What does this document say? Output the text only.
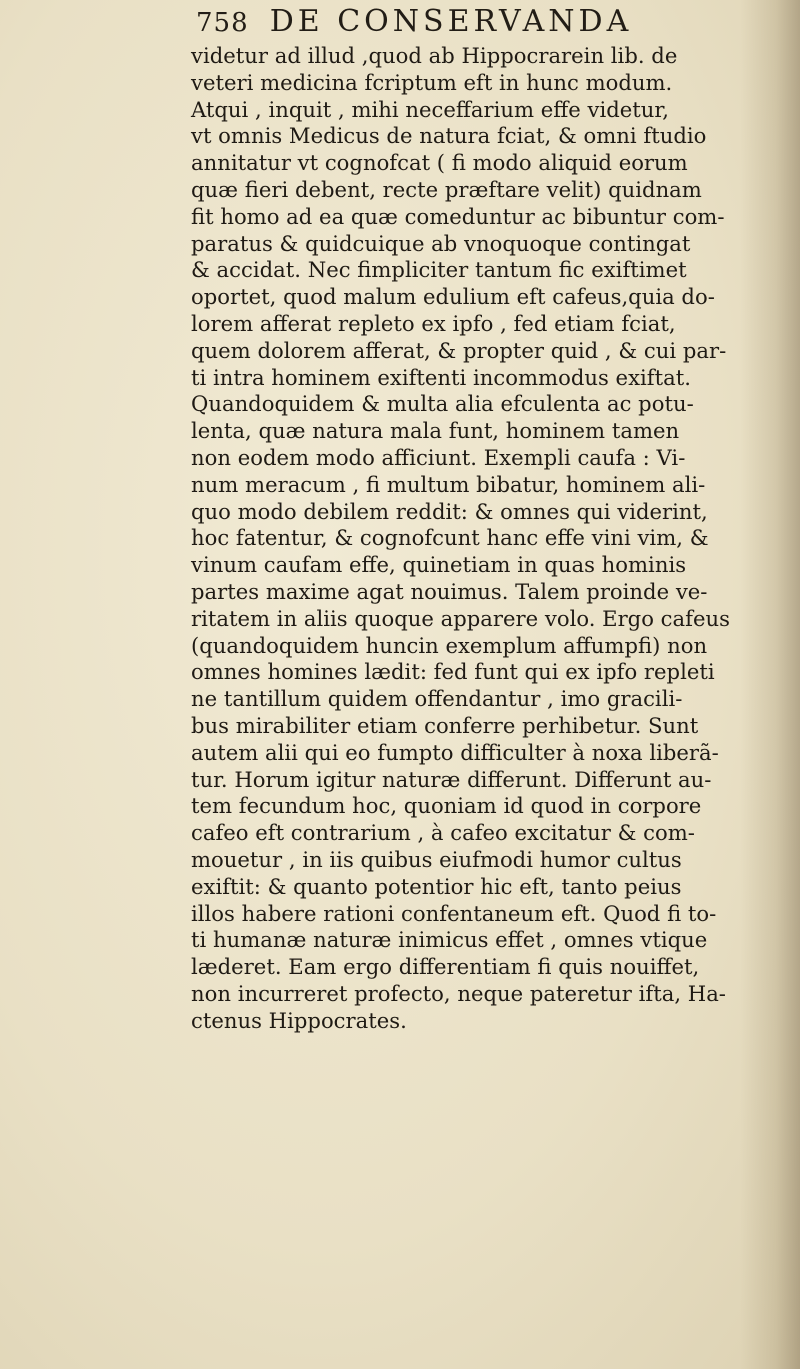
758 DE CONSERVANDA
videtur ad illud ,quod ab Hippocrarein lib. de
veteri medicina fcriptum eft in hunc modum.
Atqui , inquit , mihi neceffarium effe videtur,
vt omnis Medicus de natura fciat, & omni ftudio
annitatur vt cognofcat ( fi modo aliquid eorum
quæ fieri debent, recte præftare velit) quidnam
fit homo ad ea quæ comeduntur ac bibuntur com-
paratus & quidcuique ab vnoquoque contingat
& accidat. Nec fimpliciter tantum fic exiftimet
oportet, quod malum edulium eft cafeus,quia do-
lorem afferat repleto ex ipfo , fed etiam fciat,
quem dolorem afferat, & propter quid , & cui par-
ti intra hominem exiftenti incommodus exiftat.
Quandoquidem & multa alia efculenta ac potu-
lenta, quæ natura mala funt, hominem tamen
non eodem modo afficiunt. Exempli caufa : Vi-
num meracum , fi multum bibatur, hominem ali-
quo modo debilem reddit: & omnes qui viderint,
hoc fatentur, & cognofcunt hanc effe vini vim, &
vinum caufam effe, quinetiam in quas hominis
partes maxime agat nouimus. Talem proinde ve-
ritatem in aliis quoque apparere volo. Ergo cafeus
(quandoquidem huncin exemplum affumpfi) non
omnes homines lædit: fed funt qui ex ipfo repleti
ne tantillum quidem offendantur , imo gracili-
bus mirabiliter etiam conferre perhibetur. Sunt
autem alii qui eo fumpto difficulter à noxa liberã-
tur. Horum igitur naturæ differunt. Differunt au-
tem fecundum hoc, quoniam id quod in corpore
cafeo eft contrarium , à cafeo excitatur & com-
mouetur , in iis quibus eiufmodi humor cultus
exiftit: & quanto potentior hic eft, tanto peius
illos habere rationi confentaneum eft. Quod fi to-
ti humanæ naturæ inimicus effet , omnes vtique
læderet. Eam ergo differentiam fi quis nouiffet,
non incurreret profecto, neque pateretur ifta, Ha-
ctenus Hippocrates.
